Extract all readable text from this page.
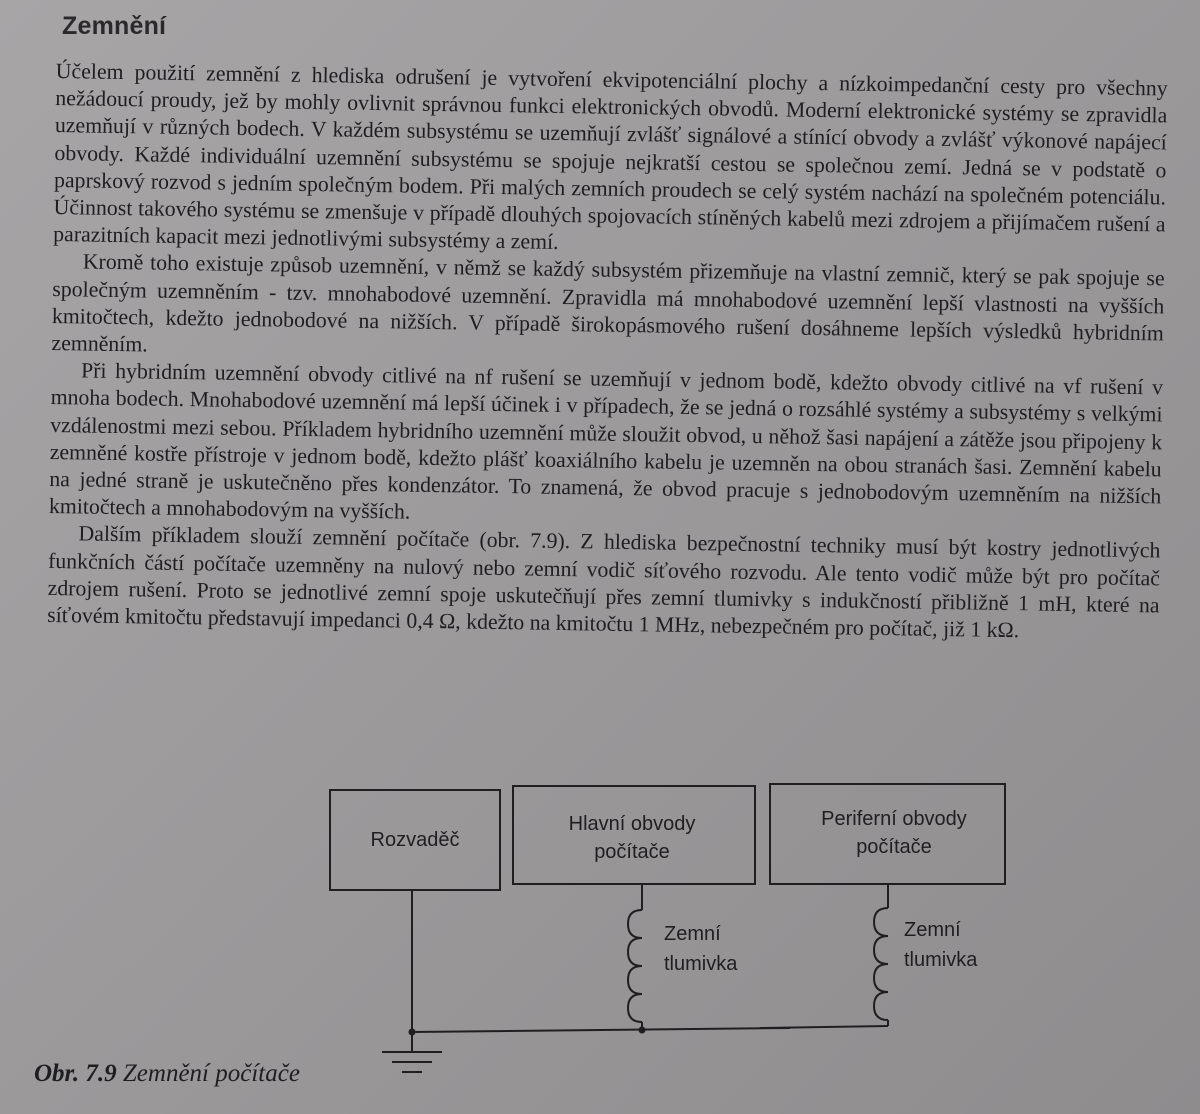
Zemnění

Účelem použití zemnění z hlediska odrušení je vytvoření ekvipotenciální plochy a nízkoimpedanční cesty pro všechny nežádoucí proudy, jež by mohly ovlivnit správnou funkci elektronických obvodů. Moderní elektronické systémy se zpravidla uzemňují v různých bodech. V každém subsystému se uzemňují zvlášť signálové a stínící obvody a zvlášť výkonové napájecí obvody. Každé individuální uzemnění subsystému se spojuje nejkratší cestou se společnou zemí. Jedná se v podstatě o paprskový rozvod s jedním společným bodem. Při malých zemních proudech se celý systém nachází na společném potenciálu. Účinnost takového systému se zmenšuje v případě dlouhých spojovacích stíněných kabelů mezi zdrojem a přijímačem rušení a parazitních kapacit mezi jednotlivými subsystémy a zemí.

Kromě toho existuje způsob uzemnění, v němž se každý subsystém přizemňuje na vlastní zemnič, který se pak spojuje se společným uzemněním - tzv. mnohabodové uzemnění. Zpravidla má mnohabodové uzemnění lepší vlastnosti na vyšších kmitočtech, kdežto jednobodové na nižších. V případě širokopásmového rušení dosáhneme lepších výsledků hybridním zemněním.

Při hybridním uzemnění obvody citlivé na nf rušení se uzemňují v jednom bodě, kdežto obvody citlivé na vf rušení v mnoha bodech. Mnohabodové uzemnění má lepší účinek i v případech, že se jedná o rozsáhlé systémy a subsystémy s velkými vzdálenostmi mezi sebou. Příkladem hybridního uzemnění může sloužit obvod, u něhož šasi napájení a zátěže jsou připojeny k zemněné kostře přístroje v jednom bodě, kdežto plášť koaxiálního kabelu je uzemněn na obou stranách šasi. Zemnění kabelu na jedné straně je uskutečněno přes kondenzátor. To znamená, že obvod pracuje s jednobodovým uzemněním na nižších kmitočtech a mnohabodovým na vyšších.

Dalším příkladem slouží zemnění počítače (obr. 7.9). Z hlediska bezpečnostní techniky musí být kostry jednotlivých funkčních částí počítače uzemněny na nulový nebo zemní vodič síťového rozvodu. Ale tento vodič může být pro počítač zdrojem rušení. Proto se jednotlivé zemní spoje uskutečňují přes zemní tlumivky s indukčností přibližně 1 mH, které na síťovém kmitočtu představují impedanci 0,4 Ω, kdežto na kmitočtu 1 MHz, nebezpečném pro počítač, již 1 kΩ.

Rozvaděč
Hlavní obvody
počítače
Zemní
tlumivka
Periferní obvody
počítače
Zemní
tlumivka
Obr. 7.9 Zemnění počítače
